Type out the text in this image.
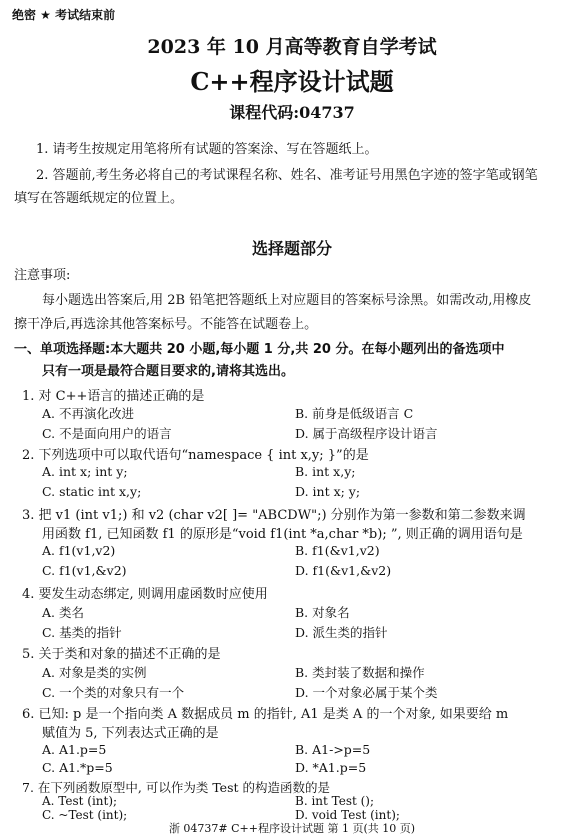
绝密 ★ 考试结束前
2023 年 10 月高等教育自学考试
C++程序设计试题
课程代码:04737
1. 请考生按规定用笔将所有试题的答案涂、写在答题纸上。
2. 答题前,考生务必将自己的考试课程名称、姓名、准考证号用黑色字迹的签字笔或钢笔
填写在答题纸规定的位置上。
选择题部分
注意事项:
每小题选出答案后,用 2B 铅笔把答题纸上对应题目的答案标号涂黑。如需改动,用橡皮
擦干净后,再选涂其他答案标号。不能答在试题卷上。
一、单项选择题:本大题共 20 小题,每小题 1 分,共 20 分。在每小题列出的备选项中
只有一项是最符合题目要求的,请将其选出。
1. 对 C++语言的描述正确的是
A. 不再演化改进	B. 前身是低级语言 C
C. 不是面向用户的语言	D. 属于高级程序设计语言
2. 下列选项中可以取代语句“namespace { int x,y; }”的是
A. int x; int y;	B. int x,y;
C. static int x,y;	D. int x; y;
3. 把 v1 (int v1;) 和 v2 (char v2[ ]= "ABCDW";) 分别作为第一参数和第二参数来调
用函数 f1, 已知函数 f1 的原形是“void f1(int *a,char *b); ”, 则正确的调用语句是
A. f1(v1,v2)	B. f1(&v1,v2)
C. f1(v1,&v2)	D. f1(&v1,&v2)
4. 要发生动态绑定, 则调用虚函数时应使用
A. 类名	B. 对象名
C. 基类的指针	D. 派生类的指针
5. 关于类和对象的描述不正确的是
A. 对象是类的实例	B. 类封装了数据和操作
C. 一个类的对象只有一个	D. 一个对象必属于某个类
6. 已知: p 是一个指向类 A 数据成员 m 的指针, A1 是类 A 的一个对象, 如果要给 m
赋值为 5, 下列表达式正确的是
A. A1.p=5	B. A1->p=5
C. A1.*p=5	D. *A1.p=5
7. 在下列函数原型中, 可以作为类 Test 的构造函数的是
A. Test (int);	B. int Test ();
C. ~Test (int);	D. void Test (int);
浙 04737# C++程序设计试题 第 1 页(共 10 页)
